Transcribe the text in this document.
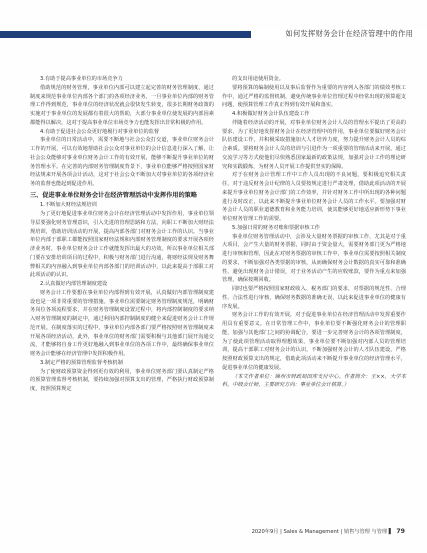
如何发挥财务会计在经济管理中的作用

3.有助于提高事业单位的市场竞争力

借助规范的财务管理，事业单位内部可以建立起完善的财务管理制度，通过制度来规范事业单位内部各个部门的各项经济业务，一旦事业单位内部的财务管理工作得到规范，事业单位的经济状况就会很快发生转变，很多长期财务政策的实施对于事业单位的发展都有着很大的帮助，大部分事业单位使发展的内部因素都能得以解决，这对于提高事业单位市场竞争力也能发挥出非常积极的作用。

4.有助于促进社会公众更好地履行对事业单位的监督

事业单位的日常活动中，需要不断地与社会公众打交道，事业单位财务会计工作的开展，可以有效地帮助社会公众对事业单位的会计信息进行深入了解，让社会公众能够对事业单位财务会计工作的有效开展，能够不断提升事业单位的财务管理水平。在完善的内部财务管理制度背景下，事业单位能够严格按照国家财经法规来开展各项会计活动，这对于社会公众不断加大对事业单位的各项经济业务的监督也能起到促进作用。

三、促进事业单位财务会计在经济管理活动中发挥作用的策略

1.不断加大财经法规培训

为了更好地促进事业单位财务会计在经济管理活动中发挥作用，事业单位领导层要强化财务管理意识，引入先进的管理思路和方法，向职工不断加大财经法规培训，借助培训活动的开展，提高内部各部门对财务会计工作的认识。当事业单位内部于部职工都能按照国家财经法规和内部财务管理制度的要求开展各项经济业务时，事业单位财务会计工作就能发挥出最大的功效。所以事业单位相关部门要在安排培训项目的过程中，积极与财务部门进行沟通，将财经法规及财务舞弊相关的内容融入到事业单位内部各部门的培训活动中，以此来提高于部职工对此项活动的认识。

2.认真做好内部管理制度建设

财务会计工作要想在事业单位内部得到有效开展，认真做好内部管理制度建设也是一项非常重要的管理措施。事业单位需要制定财务管理制度规范，明确财务岗位各项流程要求，并在财务管理制度设置过程中，将内部控制制度的要求纳入财务管理制度的制定中，通过利用内部控制制度的健全来促进财务会计工作规范开展。在制度落实的过程中，事业单位内部各部门要严格按照财务管理制度来开展各项经济活动，此外，事业单位的财务部门需要积极与其他部门展开沟通交流，才能够将自身工作更好地融入到事业单位的各项工作中，最终确保事业单位财务会计能够在经济管理中发挥积极作用。

3.制定严格的预算管理监督考核机制

为了使财政预算资金得到更有效的利用，事业单位财务部门要认真制定严格的预算管理监督考核机制，要持续加强对预算支出的管理，严格执行财政预算制度，按照预算规定

的支出用途使用资金。

要将预算的编制使用以及事后监督作为重要的内容列入各部门的绩效考核工作中，通过严格的监督机制，避免传统事业单位管理过程中经常出现的预算超支问题，使预算管理工作真正得到有效开展和落实。

4.积极做好财务会计队伍建设工作

伴随着经济活动的开展，对事业单位财务会计人员的管理水平提出了更高的要求，为了更好地发挥财务会计在经济管理中的作用，事业单位要做好财务会计队伍建设工作，并积极采取措施加大人才培养力度，努力提升财务会计人员的综合素质。要将财务会计人员的培训与引进作为一项重要的管理活动来开展，通过交流学习等方式使他们尽快熟悉国家最新的政策法规，加强对会计工作的理论研究和实践锻炼，为财务人员开展工作提供坚实的保障。

对于在财务会计管理工作中工作人员出现的不良问题，要积极追究相关责任，对于违反财务会计纪律的人员要按规定进行严肃处理，借助此项活动的开展来提升事业单位财务会计部门的工作效率，并针对财务工作中所出现的各种问题进行及时改正，以此来不断提升事业单位财务会计人员的工作水平。要加强对财务会计人员的职业道德教育和业务能力培训，使其能够更好地适应新形势下事业单位财务管理工作的需要。

5.加强日常的财务对账和票据审核工作

事业单位财务管理活动中，会涉及大量财务票据的审核工作，尤其是对于重大项目，会产生大量的财务票据，同时由于资金量大，需要财务部门更为严格地进行审核和管理，因此在对财务票据的审核工作中，事业单位需要按照相关制度的要求，不断加强对各类票据的审核，从而确保财务会计数据的真实可靠和准确性，避免出现财务会计错误，对于业务活动产生的应收账款，要作为重点来加强管理，确保按期回收。

同时也要严格按照国家财政收入、税务部门的要求，对票据的规范性、合理性、合法性进行审核，确保财务数据的准确无误，以此来促进事业单位的健康有序发展。

财务会计工作的有效开展，对于促进事业单位在经济管理活动中发挥重要作用具有重要意义。在日常管理工作中，事业单位要不断强化财务会计的管理职能，加强与其他部门之间的协调配合，要进一步完善财务会计的各项管理制度，为了使此项管理活动取得理想效果，事业单位要不断加强对内部人员的管理培训，提高干部职工对财务会计的认识，不断加强财务会计的人才队伍建设，严格按照财政预算支出的规定，借助此项活动来不断提升事业单位的经济管理水平，促进事业单位的健康发展。

（本文作者单位：锦州市财政局国库支付中心。作者简介：王××，大学本科，中级会计师，主要研究方向：事业单位会计核算。）

2020年9月 | Sales & Management | 销售与管理 与管理 ▌ 79
